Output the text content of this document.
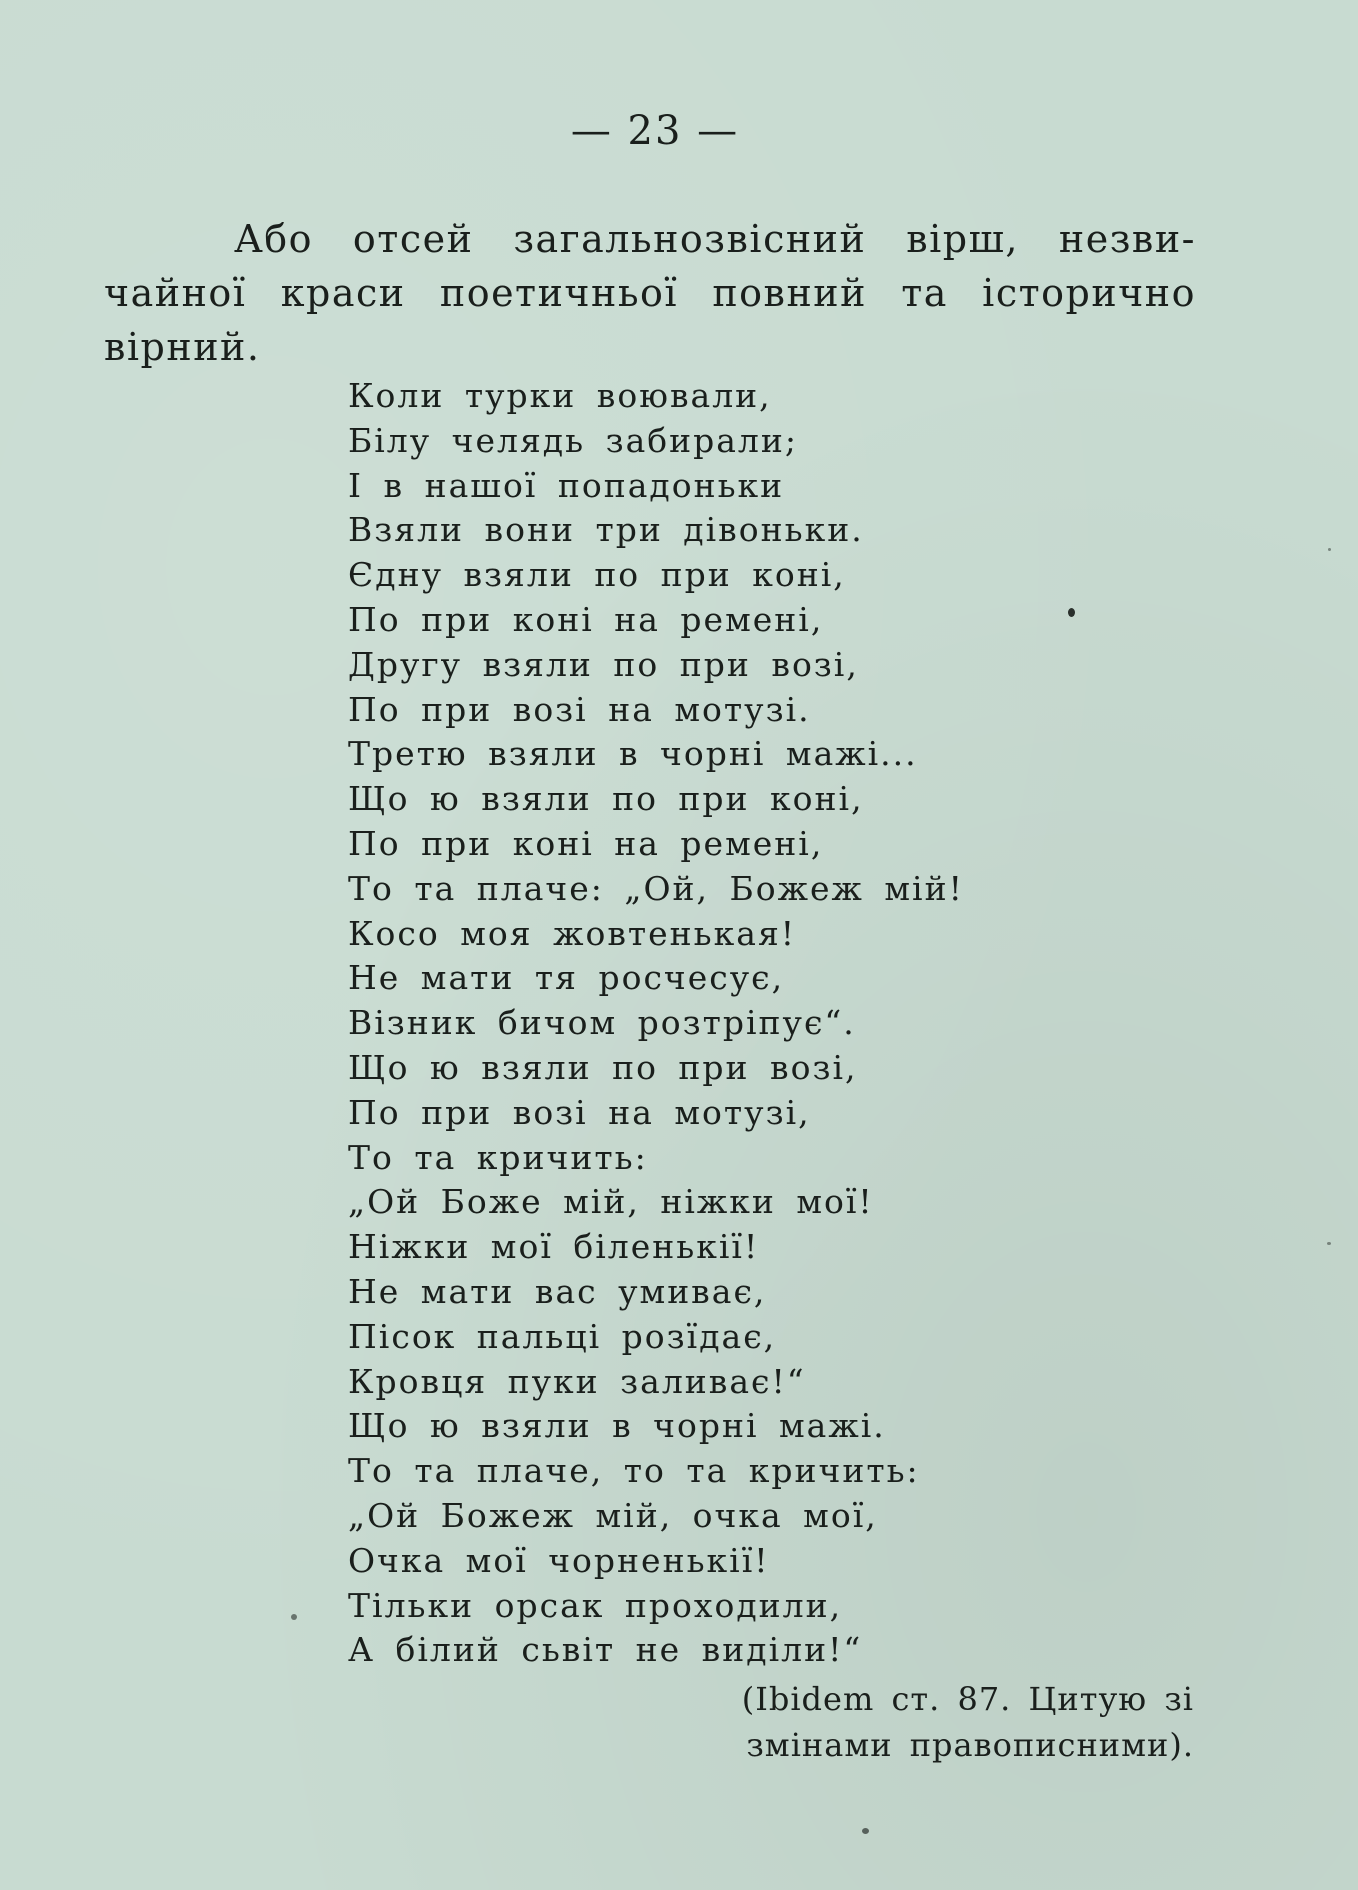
— 23 —
Або отсей загальнозвісний вірш, незви-
чайної краси поетичньої повний та історично
вірний.
Коли турки воювали,
Білу челядь забирали;
І в нашої попадоньки
Взяли вони три дівоньки.
Єдну взяли по при коні,
По при коні на ремені,
Другу взяли по при возі,
По при возі на мотузі.
Третю взяли в чорні мажі...
Що ю взяли по при коні,
По при коні на ремені,
То та плаче: „Ой, Божеж мій!
Косо моя жовтенькая!
Не мати тя росчесує,
Візник бичом розтріпує“.
Що ю взяли по при возі,
По при возі на мотузі,
То та кричить:
„Ой Боже мій, ніжки мої!
Ніжки мої біленькії!
Не мати вас умиває,
Пісок пальці розїдає,
Кровця пуки заливає!“
Що ю взяли в чорні мажі.
То та плаче, то та кричить:
„Ой Божеж мій, очка мої,
Очка мої чорненькії!
Тільки орсак проходили,
А білий сьвіт не виділи!“
(Ibidem ст. 87. Цитую зі
змінами правописними).
